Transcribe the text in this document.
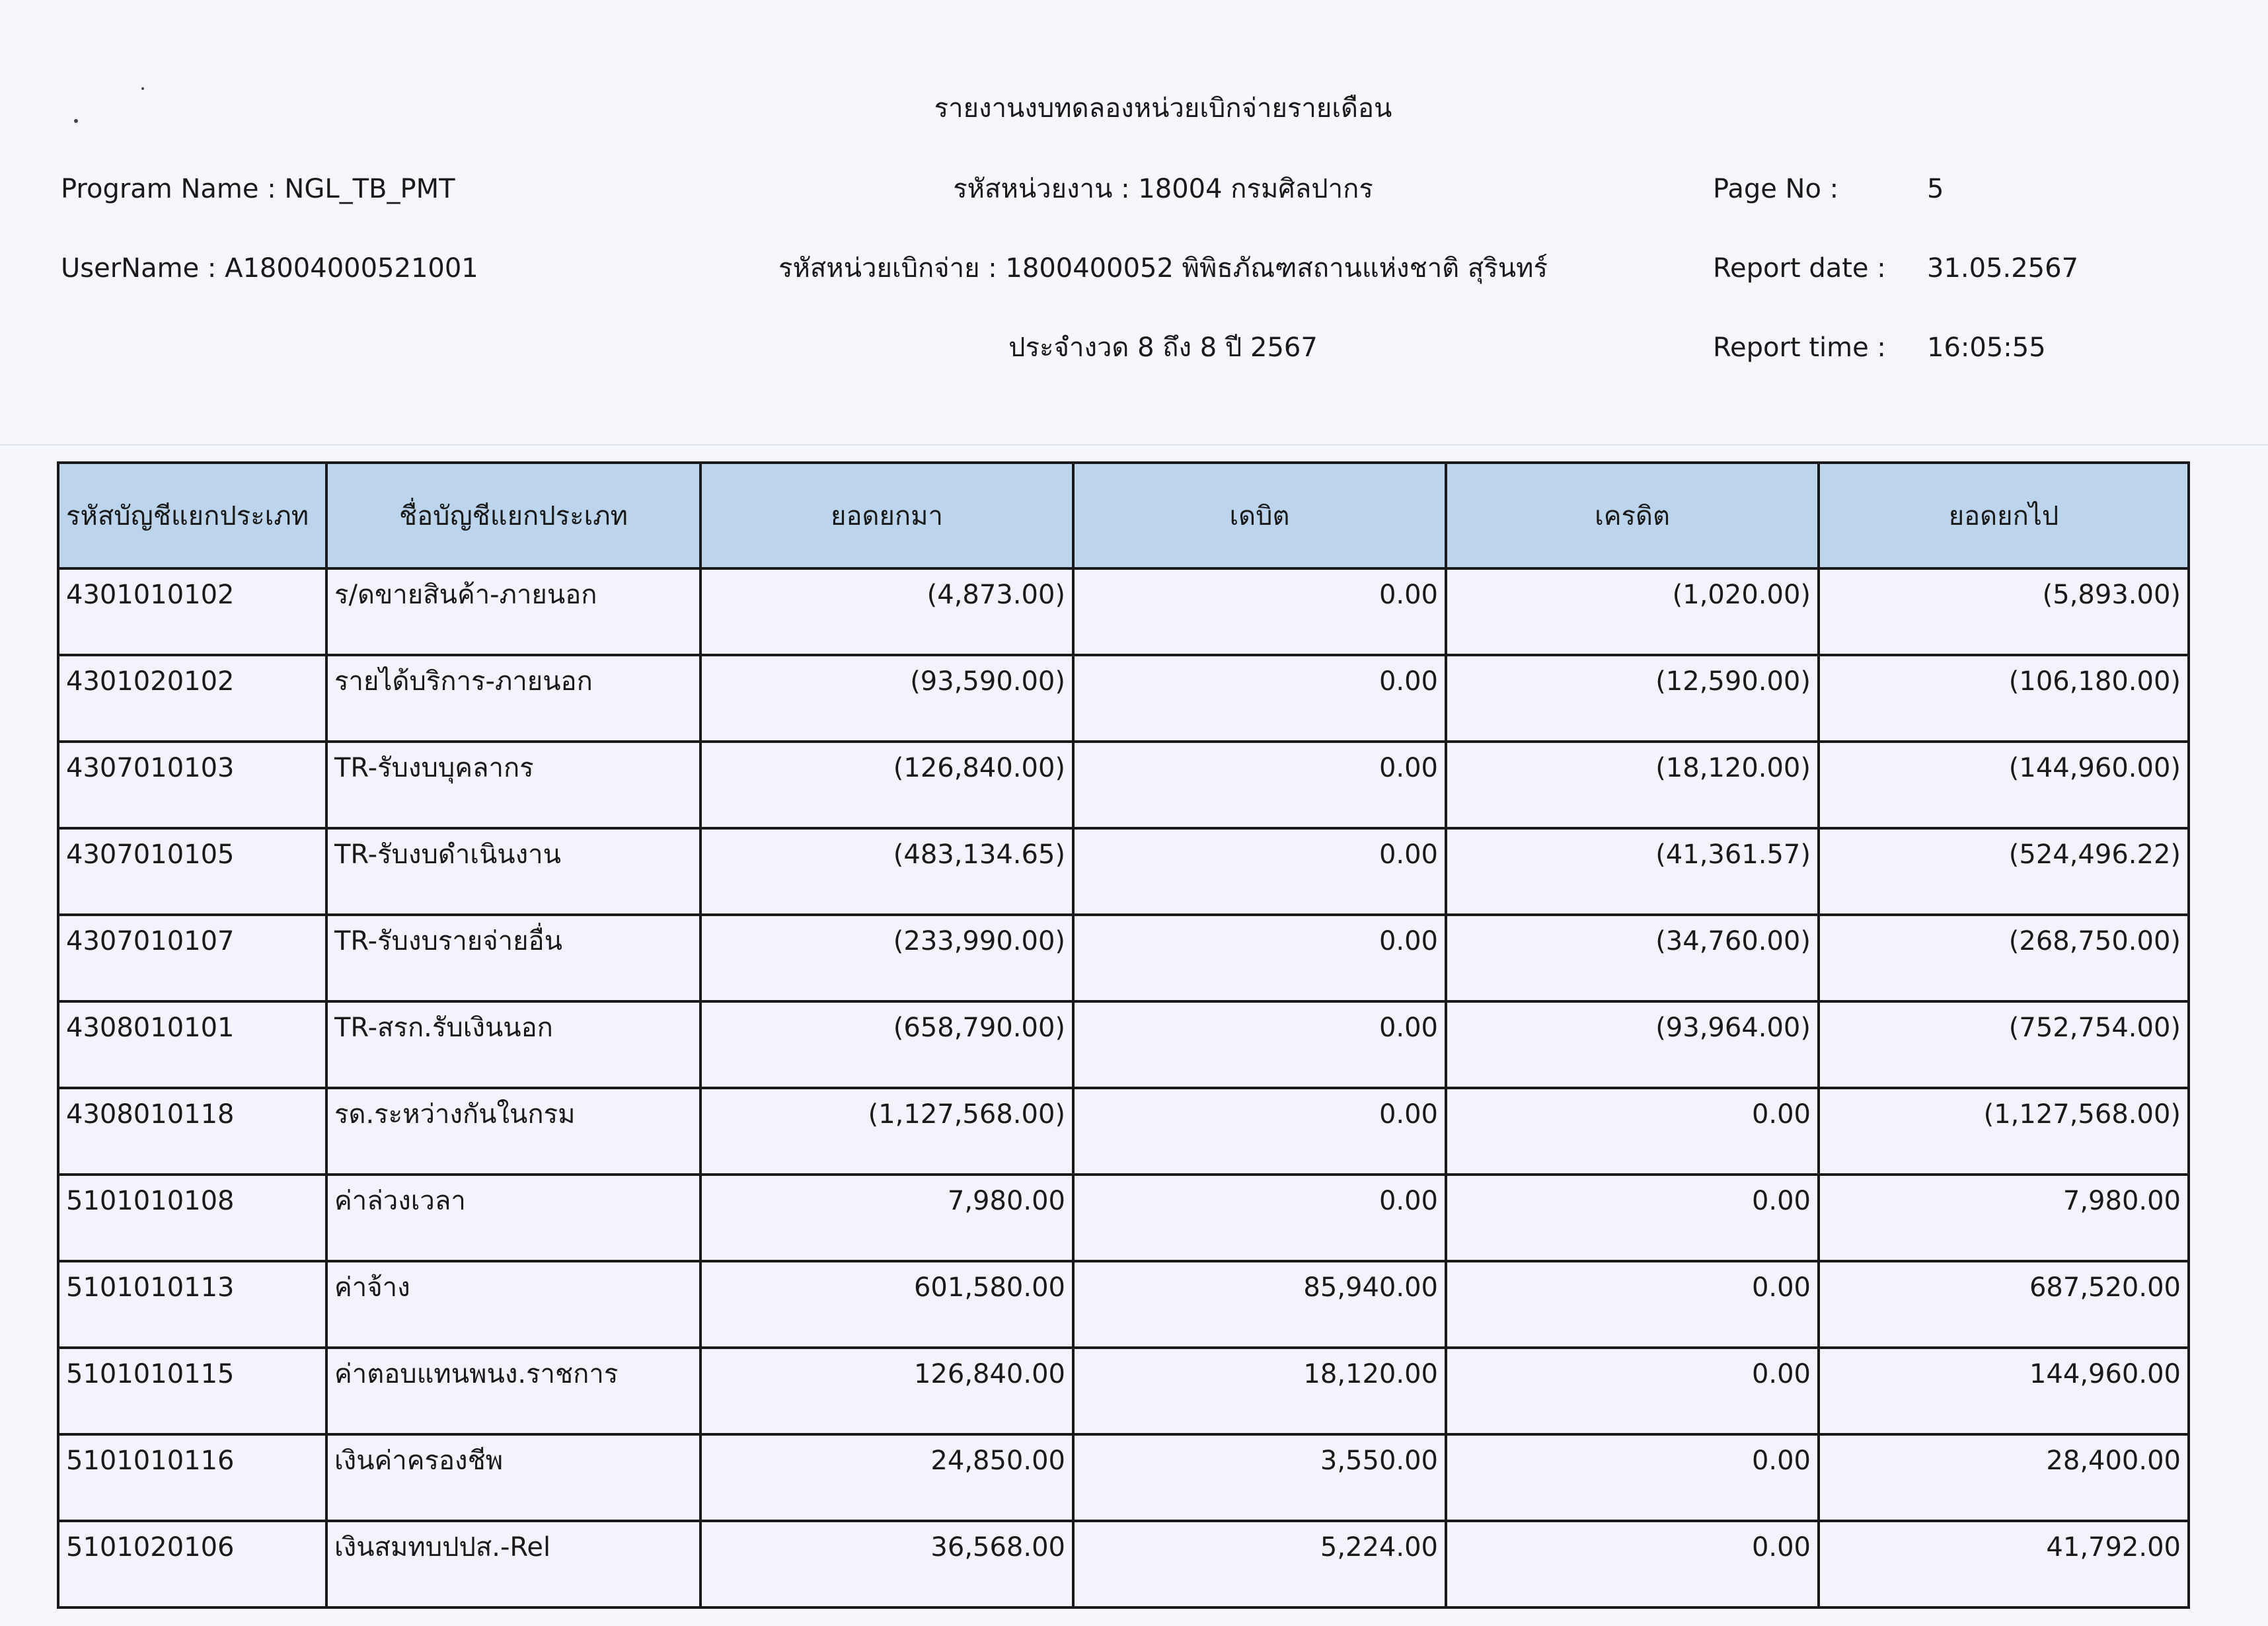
รายงานงบทดลองหน่วยเบิกจ่ายรายเดือน
Program Name : NGL_TB_PMT	รหัสหน่วยงาน : 18004 กรมศิลปากร	Page No :	5
UserName : A18004000521001	รหัสหน่วยเบิกจ่าย : 1800400052 พิพิธภัณฑสถานแห่งชาติ สุรินทร์	Report date : 31.05.2567
ประจำงวด 8 ถึง 8 ปี 2567	Report time : 16:05:55
รหัสบัญชีแยกประเภท	ชื่อบัญชีแยกประเภท	ยอดยกมา	เดบิต	เครดิต	ยอดยกไป
4301010102	ร/ดขายสินค้า-ภายนอก	(4,873.00)	0.00	(1,020.00)	(5,893.00)
4301020102	รายได้บริการ-ภายนอก	(93,590.00)	0.00	(12,590.00)	(106,180.00)
4307010103	TR-รับงบบุคลากร	(126,840.00)	0.00	(18,120.00)	(144,960.00)
4307010105	TR-รับงบดำเนินงาน	(483,134.65)	0.00	(41,361.57)	(524,496.22)
4307010107	TR-รับงบรายจ่ายอื่น	(233,990.00)	0.00	(34,760.00)	(268,750.00)
4308010101	TR-สรก.รับเงินนอก	(658,790.00)	0.00	(93,964.00)	(752,754.00)
4308010118	รด.ระหว่างกันในกรม	(1,127,568.00)	0.00	0.00	(1,127,568.00)
5101010108	ค่าล่วงเวลา	7,980.00	0.00	0.00	7,980.00
5101010113	ค่าจ้าง	601,580.00	85,940.00	0.00	687,520.00
5101010115	ค่าตอบแทนพนง.ราชการ	126,840.00	18,120.00	0.00	144,960.00
5101010116	เงินค่าครองชีพ	24,850.00	3,550.00	0.00	28,400.00
5101020106	เงินสมทบปปส.-Rel	36,568.00	5,224.00	0.00	41,792.00
